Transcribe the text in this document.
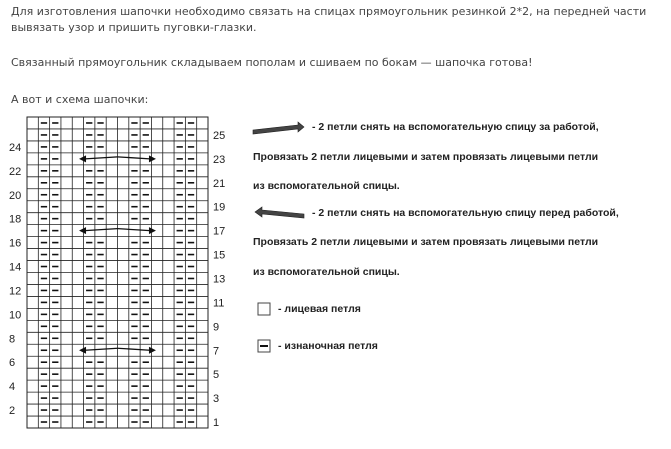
Для изготовления шапочки необходимо связать на спицах прямоугольник резинкой 2*2, на передней части вывязать узор и пришить пуговки-глазки.

Связанный прямоугольник складываем пополам и сшиваем по бокам — шапочка готова!

А вот и схема шапочки:

24
22
20
18
16
14
12
10
8
6
4
2
25
23
21
19
17
15
13
11
9
7
5
3
1
- 2 петли снять на вспомогательную спицу за работой,
Провязать 2 петли лицевыми и затем провязать лицевыми петли
из вспомогательной спицы.
- 2 петли снять на вспомогательную спицу перед работой,
Провязать 2 петли лицевыми и затем провязать лицевыми петли
из вспомогательной спицы.
- лицевая петля
- изнаночная петля
